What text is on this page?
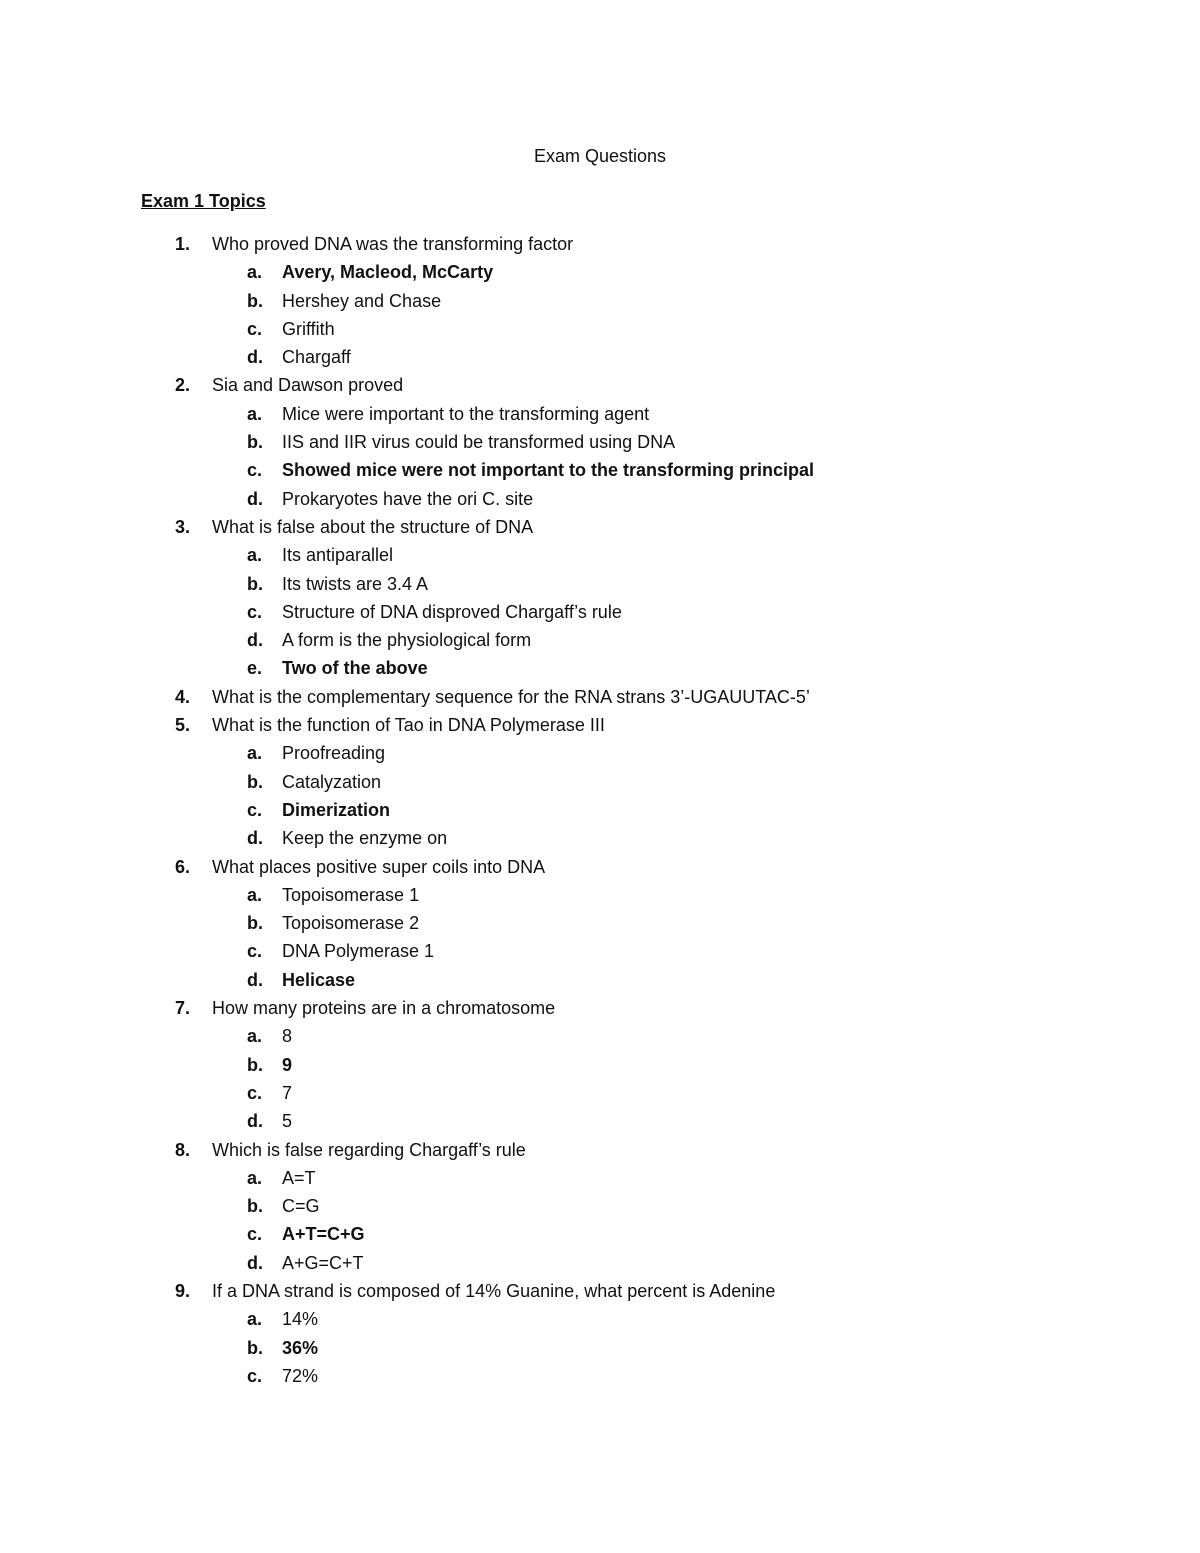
Exam Questions
Exam 1 Topics
1. Who proved DNA was the transforming factor
a. Avery, Macleod, McCarty
b. Hershey and Chase
c. Griffith
d. Chargaff
2. Sia and Dawson proved
a. Mice were important to the transforming agent
b. IIS and IIR virus could be transformed using DNA
c. Showed mice were not important to the transforming principal
d. Prokaryotes have the ori C. site
3. What is false about the structure of DNA
a. Its antiparallel
b. Its twists are 3.4 A
c. Structure of DNA disproved Chargaff’s rule
d. A form is the physiological form
e. Two of the above
4. What is the complementary sequence for the RNA strans 3’-UGAUUTAC-5’
5. What is the function of Tao in DNA Polymerase III
a. Proofreading
b. Catalyzation
c. Dimerization
d. Keep the enzyme on
6. What places positive super coils into DNA
a. Topoisomerase 1
b. Topoisomerase 2
c. DNA Polymerase 1
d. Helicase
7. How many proteins are in a chromatosome
a. 8
b. 9
c. 7
d. 5
8. Which is false regarding Chargaff’s rule
a. A=T
b. C=G
c. A+T=C+G
d. A+G=C+T
9. If a DNA strand is composed of 14% Guanine, what percent is Adenine
a. 14%
b. 36%
c. 72%
